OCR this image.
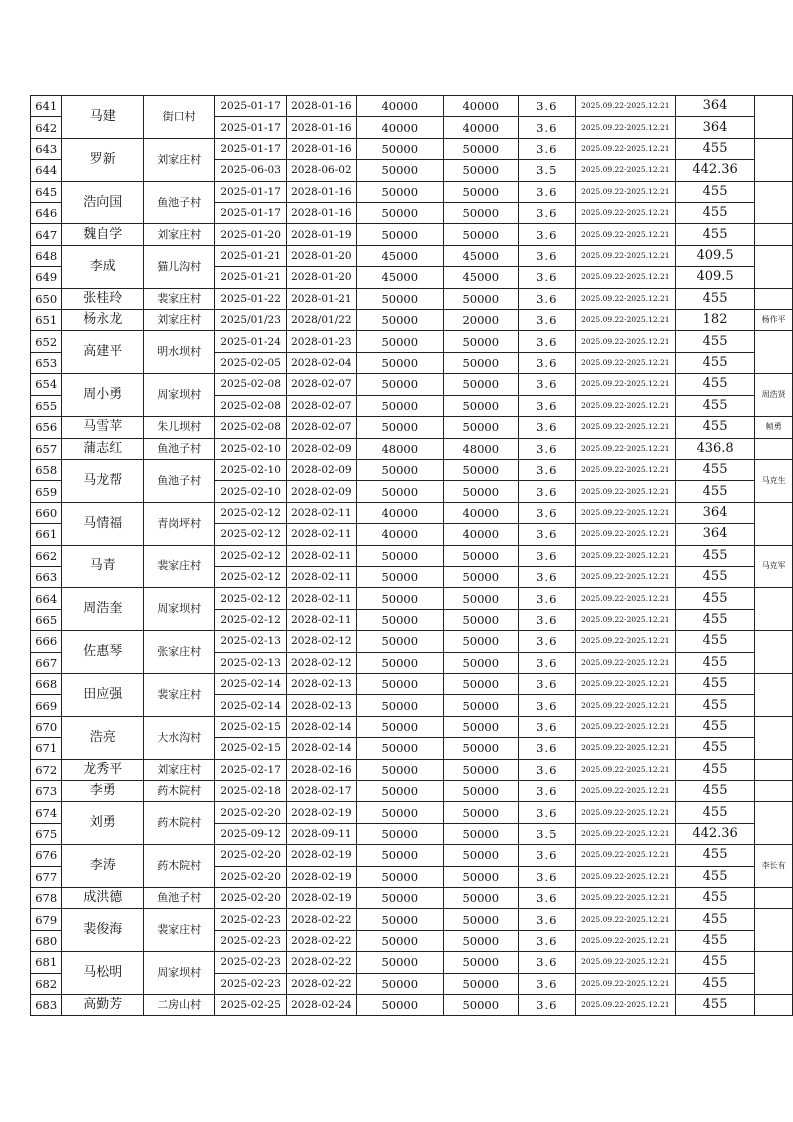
641	马建	街口村	2025-01-17	2028-01-16	40000	40000	3.6	2025.09.22-2025.12.21	364	
642			2025-01-17	2028-01-16	40000	40000	3.6	2025.09.22-2025.12.21	364	
643	罗新	刘家庄村	2025-01-17	2028-01-16	50000	50000	3.6	2025.09.22-2025.12.21	455	
644			2025-06-03	2028-06-02	50000	50000	3.5	2025.09.22-2025.12.21	442.36	
645	浩向国	鱼池子村	2025-01-17	2028-01-16	50000	50000	3.6	2025.09.22-2025.12.21	455	
646			2025-01-17	2028-01-16	50000	50000	3.6	2025.09.22-2025.12.21	455	
647	魏自学	刘家庄村	2025-01-20	2028-01-19	50000	50000	3.6	2025.09.22-2025.12.21	455	
648	李成	猫儿沟村	2025-01-21	2028-01-20	45000	45000	3.6	2025.09.22-2025.12.21	409.5	
649			2025-01-21	2028-01-20	45000	45000	3.6	2025.09.22-2025.12.21	409.5	
650	张桂玲	裴家庄村	2025-01-22	2028-01-21	50000	50000	3.6	2025.09.22-2025.12.21	455	
651	杨永龙	刘家庄村	2025/01/23	2028/01/22	50000	20000	3.6	2025.09.22-2025.12.21	182	杨作平
652	高建平	明水坝村	2025-01-24	2028-01-23	50000	50000	3.6	2025.09.22-2025.12.21	455	
653			2025-02-05	2028-02-04	50000	50000	3.6	2025.09.22-2025.12.21	455	
654	周小勇	周家坝村	2025-02-08	2028-02-07	50000	50000	3.6	2025.09.22-2025.12.21	455	周浩贤
655			2025-02-08	2028-02-07	50000	50000	3.6	2025.09.22-2025.12.21	455	
656	马雪苹	朱儿坝村	2025-02-08	2028-02-07	50000	50000	3.6	2025.09.22-2025.12.21	455	帧勇
657	蒲志红	鱼池子村	2025-02-10	2028-02-09	48000	48000	3.6	2025.09.22-2025.12.21	436.8	
658	马龙帮	鱼池子村	2025-02-10	2028-02-09	50000	50000	3.6	2025.09.22-2025.12.21	455	马克生
659			2025-02-10	2028-02-09	50000	50000	3.6	2025.09.22-2025.12.21	455	
660	马情福	青岗坪村	2025-02-12	2028-02-11	40000	40000	3.6	2025.09.22-2025.12.21	364	
661			2025-02-12	2028-02-11	40000	40000	3.6	2025.09.22-2025.12.21	364	
662	马青	裴家庄村	2025-02-12	2028-02-11	50000	50000	3.6	2025.09.22-2025.12.21	455	马克军
663			2025-02-12	2028-02-11	50000	50000	3.6	2025.09.22-2025.12.21	455	
664	周浩奎	周家坝村	2025-02-12	2028-02-11	50000	50000	3.6	2025.09.22-2025.12.21	455	
665			2025-02-12	2028-02-11	50000	50000	3.6	2025.09.22-2025.12.21	455	
666	佐惠琴	张家庄村	2025-02-13	2028-02-12	50000	50000	3.6	2025.09.22-2025.12.21	455	
667			2025-02-13	2028-02-12	50000	50000	3.6	2025.09.22-2025.12.21	455	
668	田应强	裴家庄村	2025-02-14	2028-02-13	50000	50000	3.6	2025.09.22-2025.12.21	455	
669			2025-02-14	2028-02-13	50000	50000	3.6	2025.09.22-2025.12.21	455	
670	浩亮	大水沟村	2025-02-15	2028-02-14	50000	50000	3.6	2025.09.22-2025.12.21	455	
671			2025-02-15	2028-02-14	50000	50000	3.6	2025.09.22-2025.12.21	455	
672	龙秀平	刘家庄村	2025-02-17	2028-02-16	50000	50000	3.6	2025.09.22-2025.12.21	455	
673	李勇	药木院村	2025-02-18	2028-02-17	50000	50000	3.6	2025.09.22-2025.12.21	455	
674	刘勇	药木院村	2025-02-20	2028-02-19	50000	50000	3.6	2025.09.22-2025.12.21	455	
675			2025-09-12	2028-09-11	50000	50000	3.5	2025.09.22-2025.12.21	442.36	
676	李涛	药木院村	2025-02-20	2028-02-19	50000	50000	3.6	2025.09.22-2025.12.21	455	李长有
677			2025-02-20	2028-02-19	50000	50000	3.6	2025.09.22-2025.12.21	455	
678	成洪德	鱼池子村	2025-02-20	2028-02-19	50000	50000	3.6	2025.09.22-2025.12.21	455	
679	裴俊海	裴家庄村	2025-02-23	2028-02-22	50000	50000	3.6	2025.09.22-2025.12.21	455	
680			2025-02-23	2028-02-22	50000	50000	3.6	2025.09.22-2025.12.21	455	
681	马松明	周家坝村	2025-02-23	2028-02-22	50000	50000	3.6	2025.09.22-2025.12.21	455	
682			2025-02-23	2028-02-22	50000	50000	3.6	2025.09.22-2025.12.21	455	
683	高勤芳	二房山村	2025-02-25	2028-02-24	50000	50000	3.6	2025.09.22-2025.12.21	455	
